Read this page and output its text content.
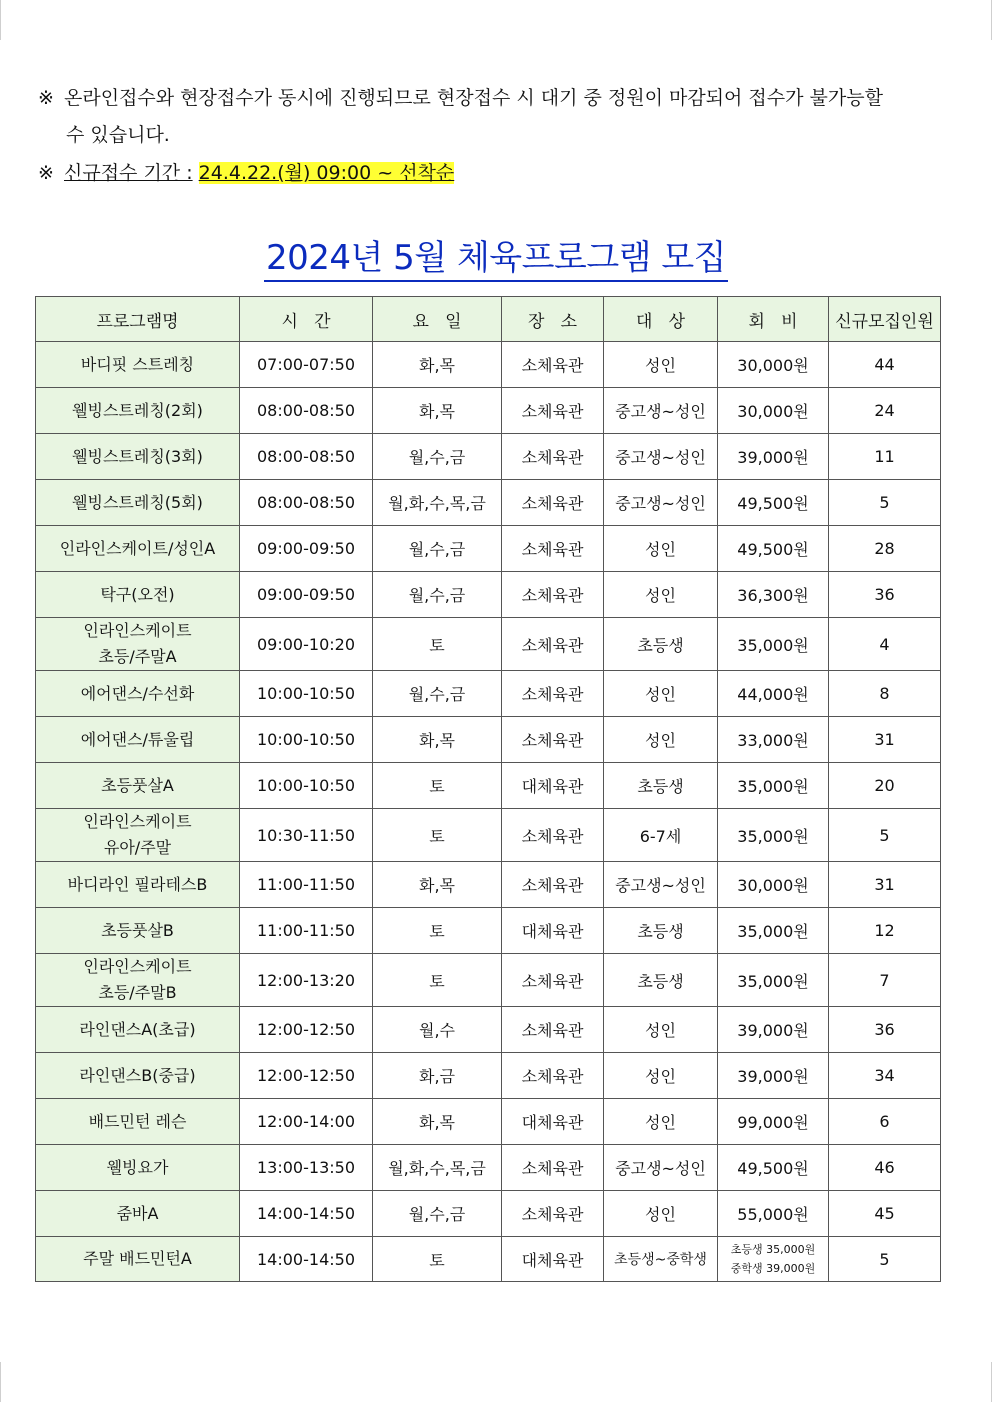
※ 온라인접수와 현장접수가 동시에 진행되므로 현장접수 시 대기 중 정원이 마감되어 접수가 불가능할
수 있습니다.
※ 신규접수 기간 : 24.4.22.(월) 09:00 ~ 선착순
2024년 5월 체육프로그램 모집
프로그램명	시   간	요   일	장   소	대   상	회   비	신규모집인원

바디핏 스트레칭	07:00-07:50	화,목	소체육관	성인	30,000원	44

웰빙스트레칭(2회)	08:00-08:50	화,목	소체육관	중고생~성인	30,000원	24

웰빙스트레칭(3회)	08:00-08:50	월,수,금	소체육관	중고생~성인	39,000원	11

웰빙스트레칭(5회)	08:00-08:50	월,화,수,목,금	소체육관	중고생~성인	49,500원	5

인라인스케이트/성인A	09:00-09:50	월,수,금	소체육관	성인	49,500원	28

탁구(오전)	09:00-09:50	월,수,금	소체육관	성인	36,300원	36

인라인스케이트
초등/주말A	09:00-10:20	토	소체육관	초등생	35,000원	4

에어댄스/수선화	10:00-10:50	월,수,금	소체육관	성인	44,000원	8

에어댄스/튜울립	10:00-10:50	화,목	소체육관	성인	33,000원	31

초등풋살A	10:00-10:50	토	대체육관	초등생	35,000원	20

인라인스케이트
유아/주말	10:30-11:50	토	소체육관	6-7세	35,000원	5

바디라인 필라테스B	11:00-11:50	화,목	소체육관	중고생~성인	30,000원	31

초등풋살B	11:00-11:50	토	대체육관	초등생	35,000원	12

인라인스케이트
초등/주말B	12:00-13:20	토	소체육관	초등생	35,000원	7

라인댄스A(초급)	12:00-12:50	월,수	소체육관	성인	39,000원	36

라인댄스B(중급)	12:00-12:50	화,금	소체육관	성인	39,000원	34

배드민턴 레슨	12:00-14:00	화,목	대체육관	성인	99,000원	6

웰빙요가	13:00-13:50	월,화,수,목,금	소체육관	중고생~성인	49,500원	46

줌바A	14:00-14:50	월,수,금	소체육관	성인	55,000원	45

주말 배드민턴A	14:00-14:50	토	대체육관	초등생~중학생	초등생 35,000원
중학생 39,000원	5
